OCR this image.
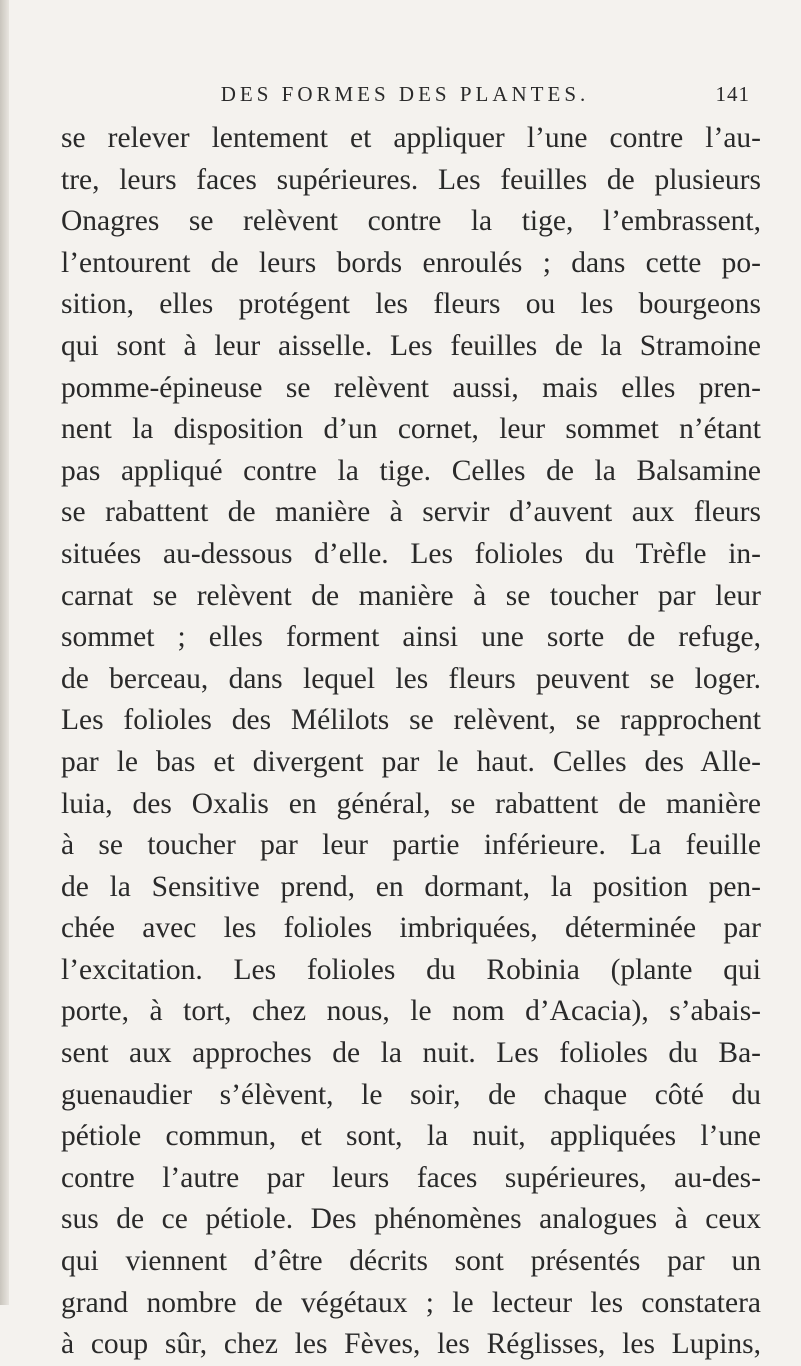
DES FORMES DES PLANTES.	141
se relever lentement et appliquer l’une contre l’au-
tre, leurs faces supérieures. Les feuilles de plusieurs
Onagres se relèvent contre la tige, l’embrassent,
l’entourent de leurs bords enroulés ; dans cette po-
sition, elles protégent les fleurs ou les bourgeons
qui sont à leur aisselle. Les feuilles de la Stramoine
pomme-épineuse se relèvent aussi, mais elles pren-
nent la disposition d’un cornet, leur sommet n’étant
pas appliqué contre la tige. Celles de la Balsamine
se rabattent de manière à servir d’auvent aux fleurs
situées au-dessous d’elle. Les folioles du Trèfle in-
carnat se relèvent de manière à se toucher par leur
sommet ; elles forment ainsi une sorte de refuge,
de berceau, dans lequel les fleurs peuvent se loger.
Les folioles des Mélilots se relèvent, se rapprochent
par le bas et divergent par le haut. Celles des Alle-
luia, des Oxalis en général, se rabattent de manière
à se toucher par leur partie inférieure. La feuille
de la Sensitive prend, en dormant, la position pen-
chée avec les folioles imbriquées, déterminée par
l’excitation. Les folioles du Robinia (plante qui
porte, à tort, chez nous, le nom d’Acacia), s’abais-
sent aux approches de la nuit. Les folioles du Ba-
guenaudier s’élèvent, le soir, de chaque côté du
pétiole commun, et sont, la nuit, appliquées l’une
contre l’autre par leurs faces supérieures, au-des-
sus de ce pétiole. Des phénomènes analogues à ceux
qui viennent d’être décrits sont présentés par un
grand nombre de végétaux ; le lecteur les constatera
à coup sûr, chez les Fèves, les Réglisses, les Lupins,
